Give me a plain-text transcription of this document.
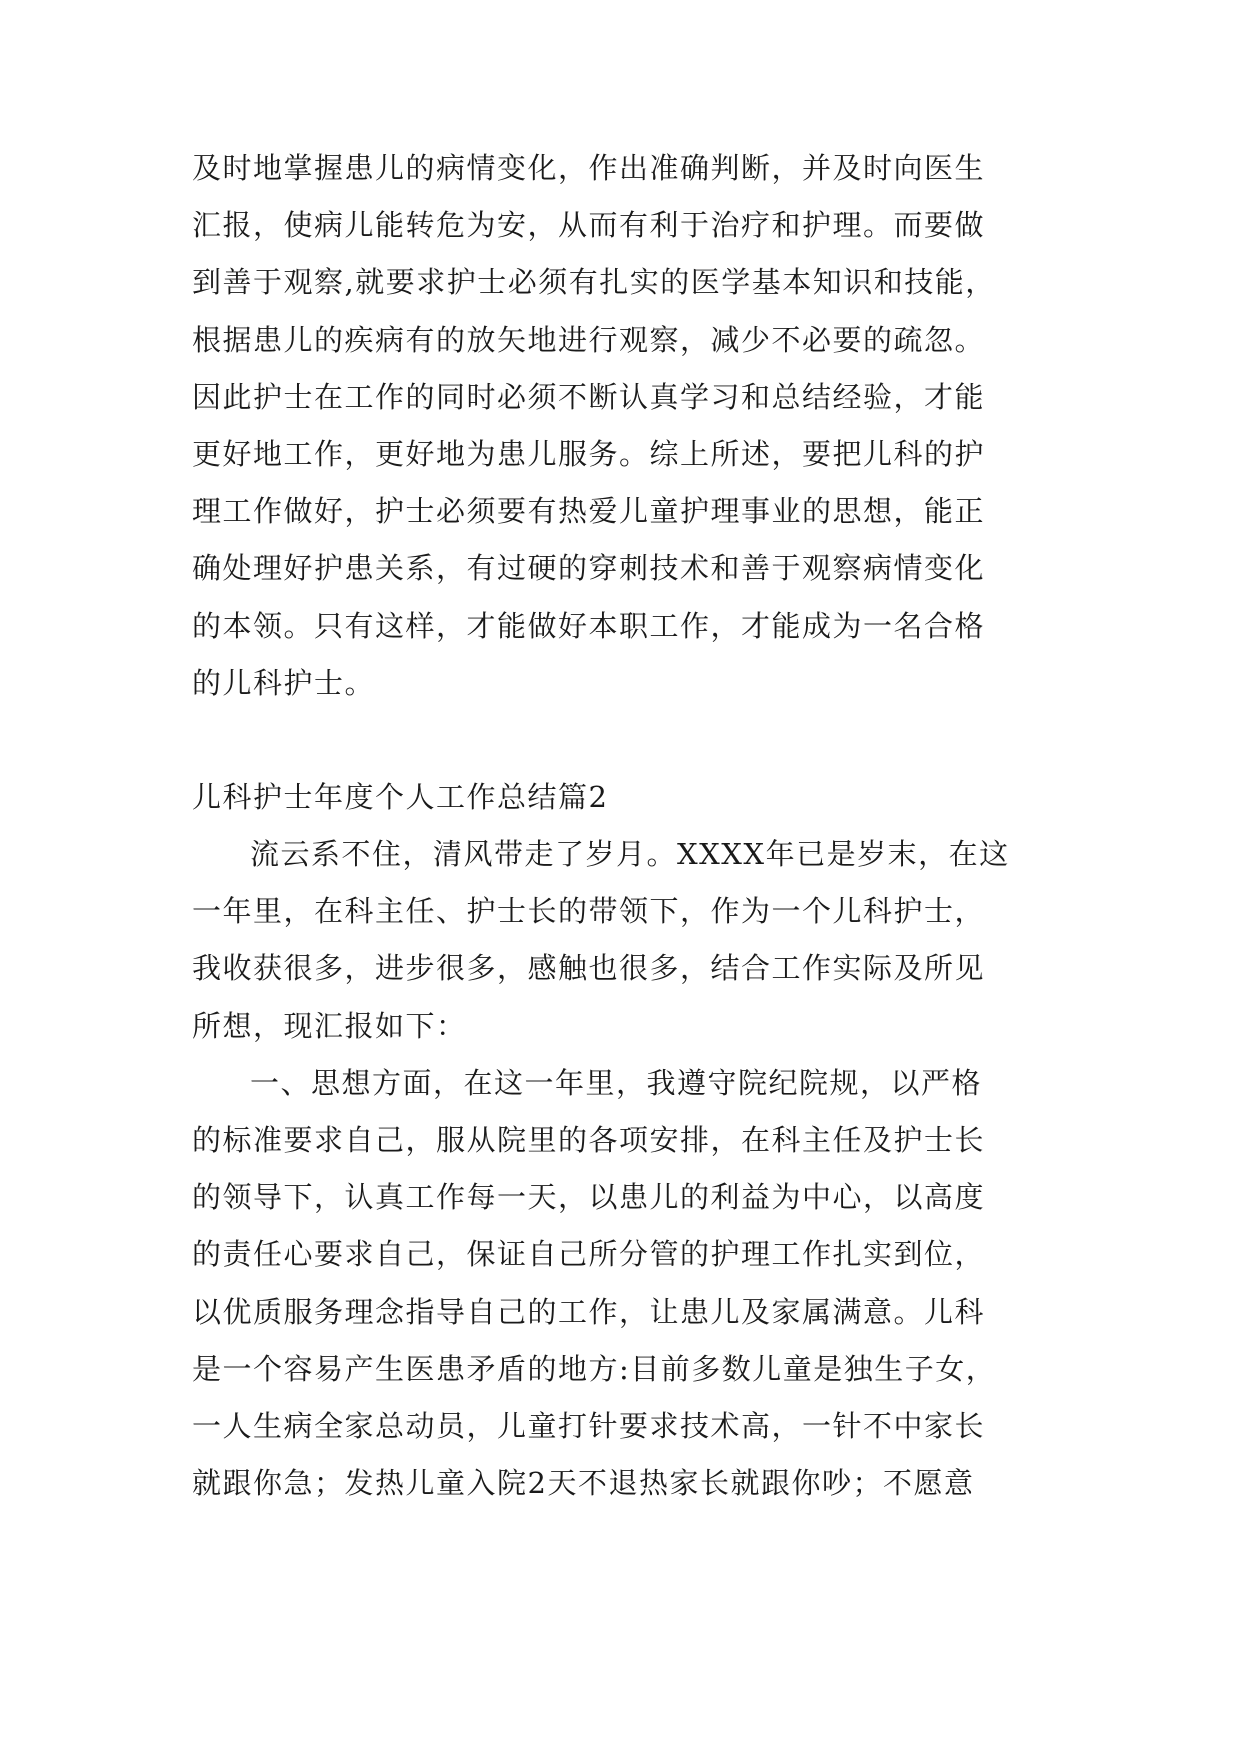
及时地掌握患儿的病情变化，作出准确判断，并及时向医生
汇报，使病儿能转危为安，从而有利于治疗和护理。而要做
到善于观察,就要求护士必须有扎实的医学基本知识和技能，
根据患儿的疾病有的放矢地进行观察，减少不必要的疏忽。
因此护士在工作的同时必须不断认真学习和总结经验，才能
更好地工作，更好地为患儿服务。综上所述，要把儿科的护
理工作做好，护士必须要有热爱儿童护理事业的思想，能正
确处理好护患关系，有过硬的穿刺技术和善于观察病情变化
的本领。只有这样，才能做好本职工作，才能成为一名合格
的儿科护士。
儿科护士年度个人工作总结篇2
流云系不住，清风带走了岁月。XXXX年已是岁末，在这
一年里，在科主任、护士长的带领下，作为一个儿科护士，
我收获很多，进步很多，感触也很多，结合工作实际及所见
所想，现汇报如下：
一、思想方面，在这一年里，我遵守院纪院规，以严格
的标准要求自己，服从院里的各项安排，在科主任及护士长
的领导下，认真工作每一天，以患儿的利益为中心，以高度
的责任心要求自己，保证自己所分管的护理工作扎实到位，
以优质服务理念指导自己的工作，让患儿及家属满意。儿科
是一个容易产生医患矛盾的地方:目前多数儿童是独生子女，
一人生病全家总动员，儿童打针要求技术高，一针不中家长
就跟你急；发热儿童入院2天不退热家长就跟你吵；不愿意
